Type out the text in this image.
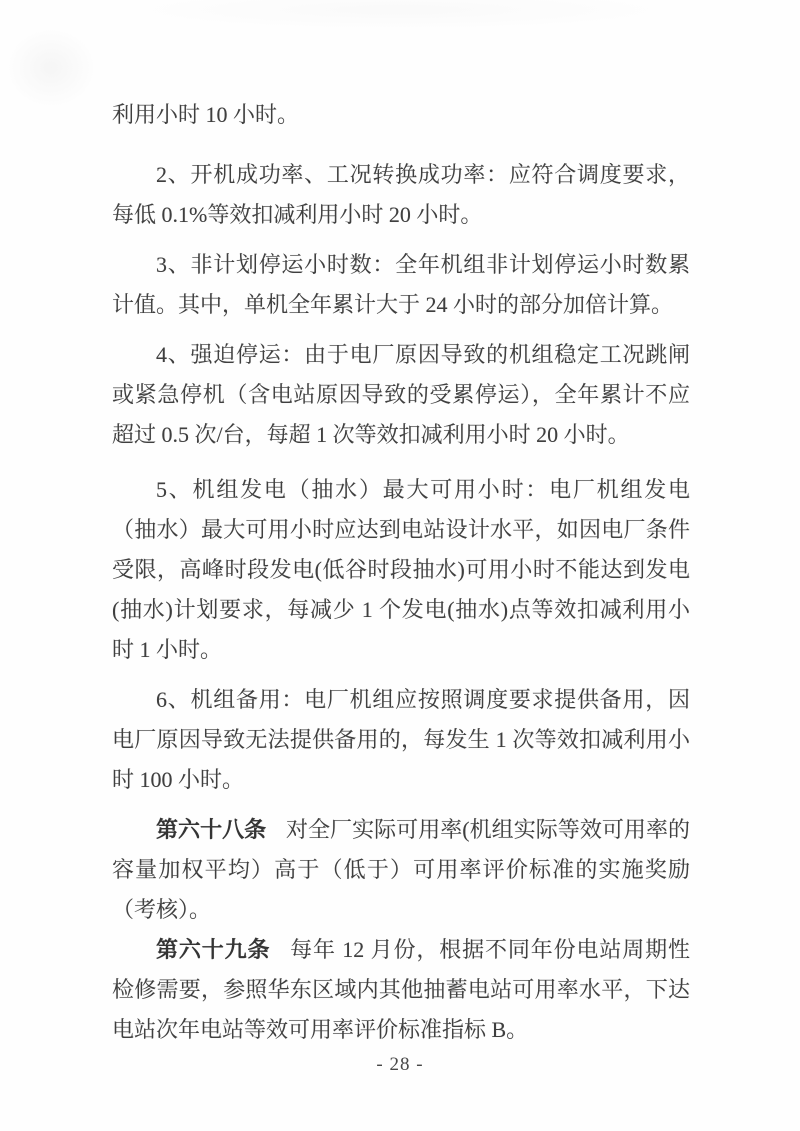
利用小时 10 小时。

2、开机成功率、工况转换成功率：应符合调度要求，每低 0.1%等效扣减利用小时 20 小时。

3、非计划停运小时数：全年机组非计划停运小时数累计值。其中，单机全年累计大于 24 小时的部分加倍计算。

4、强迫停运：由于电厂原因导致的机组稳定工况跳闸或紧急停机（含电站原因导致的受累停运），全年累计不应超过 0.5 次/台，每超 1 次等效扣减利用小时 20 小时。

5、机组发电（抽水）最大可用小时：电厂机组发电（抽水）最大可用小时应达到电站设计水平，如因电厂条件受限，高峰时段发电(低谷时段抽水)可用小时不能达到发电(抽水)计划要求，每减少 1 个发电(抽水)点等效扣减利用小时 1 小时。

6、机组备用：电厂机组应按照调度要求提供备用，因电厂原因导致无法提供备用的，每发生 1 次等效扣减利用小时 100 小时。

第六十八条 对全厂实际可用率(机组实际等效可用率的容量加权平均）高于（低于）可用率评价标准的实施奖励（考核）。

第六十九条 每年 12 月份，根据不同年份电站周期性检修需要，参照华东区域内其他抽蓄电站可用率水平，下达电站次年电站等效可用率评价标准指标 B。

- 28 -
